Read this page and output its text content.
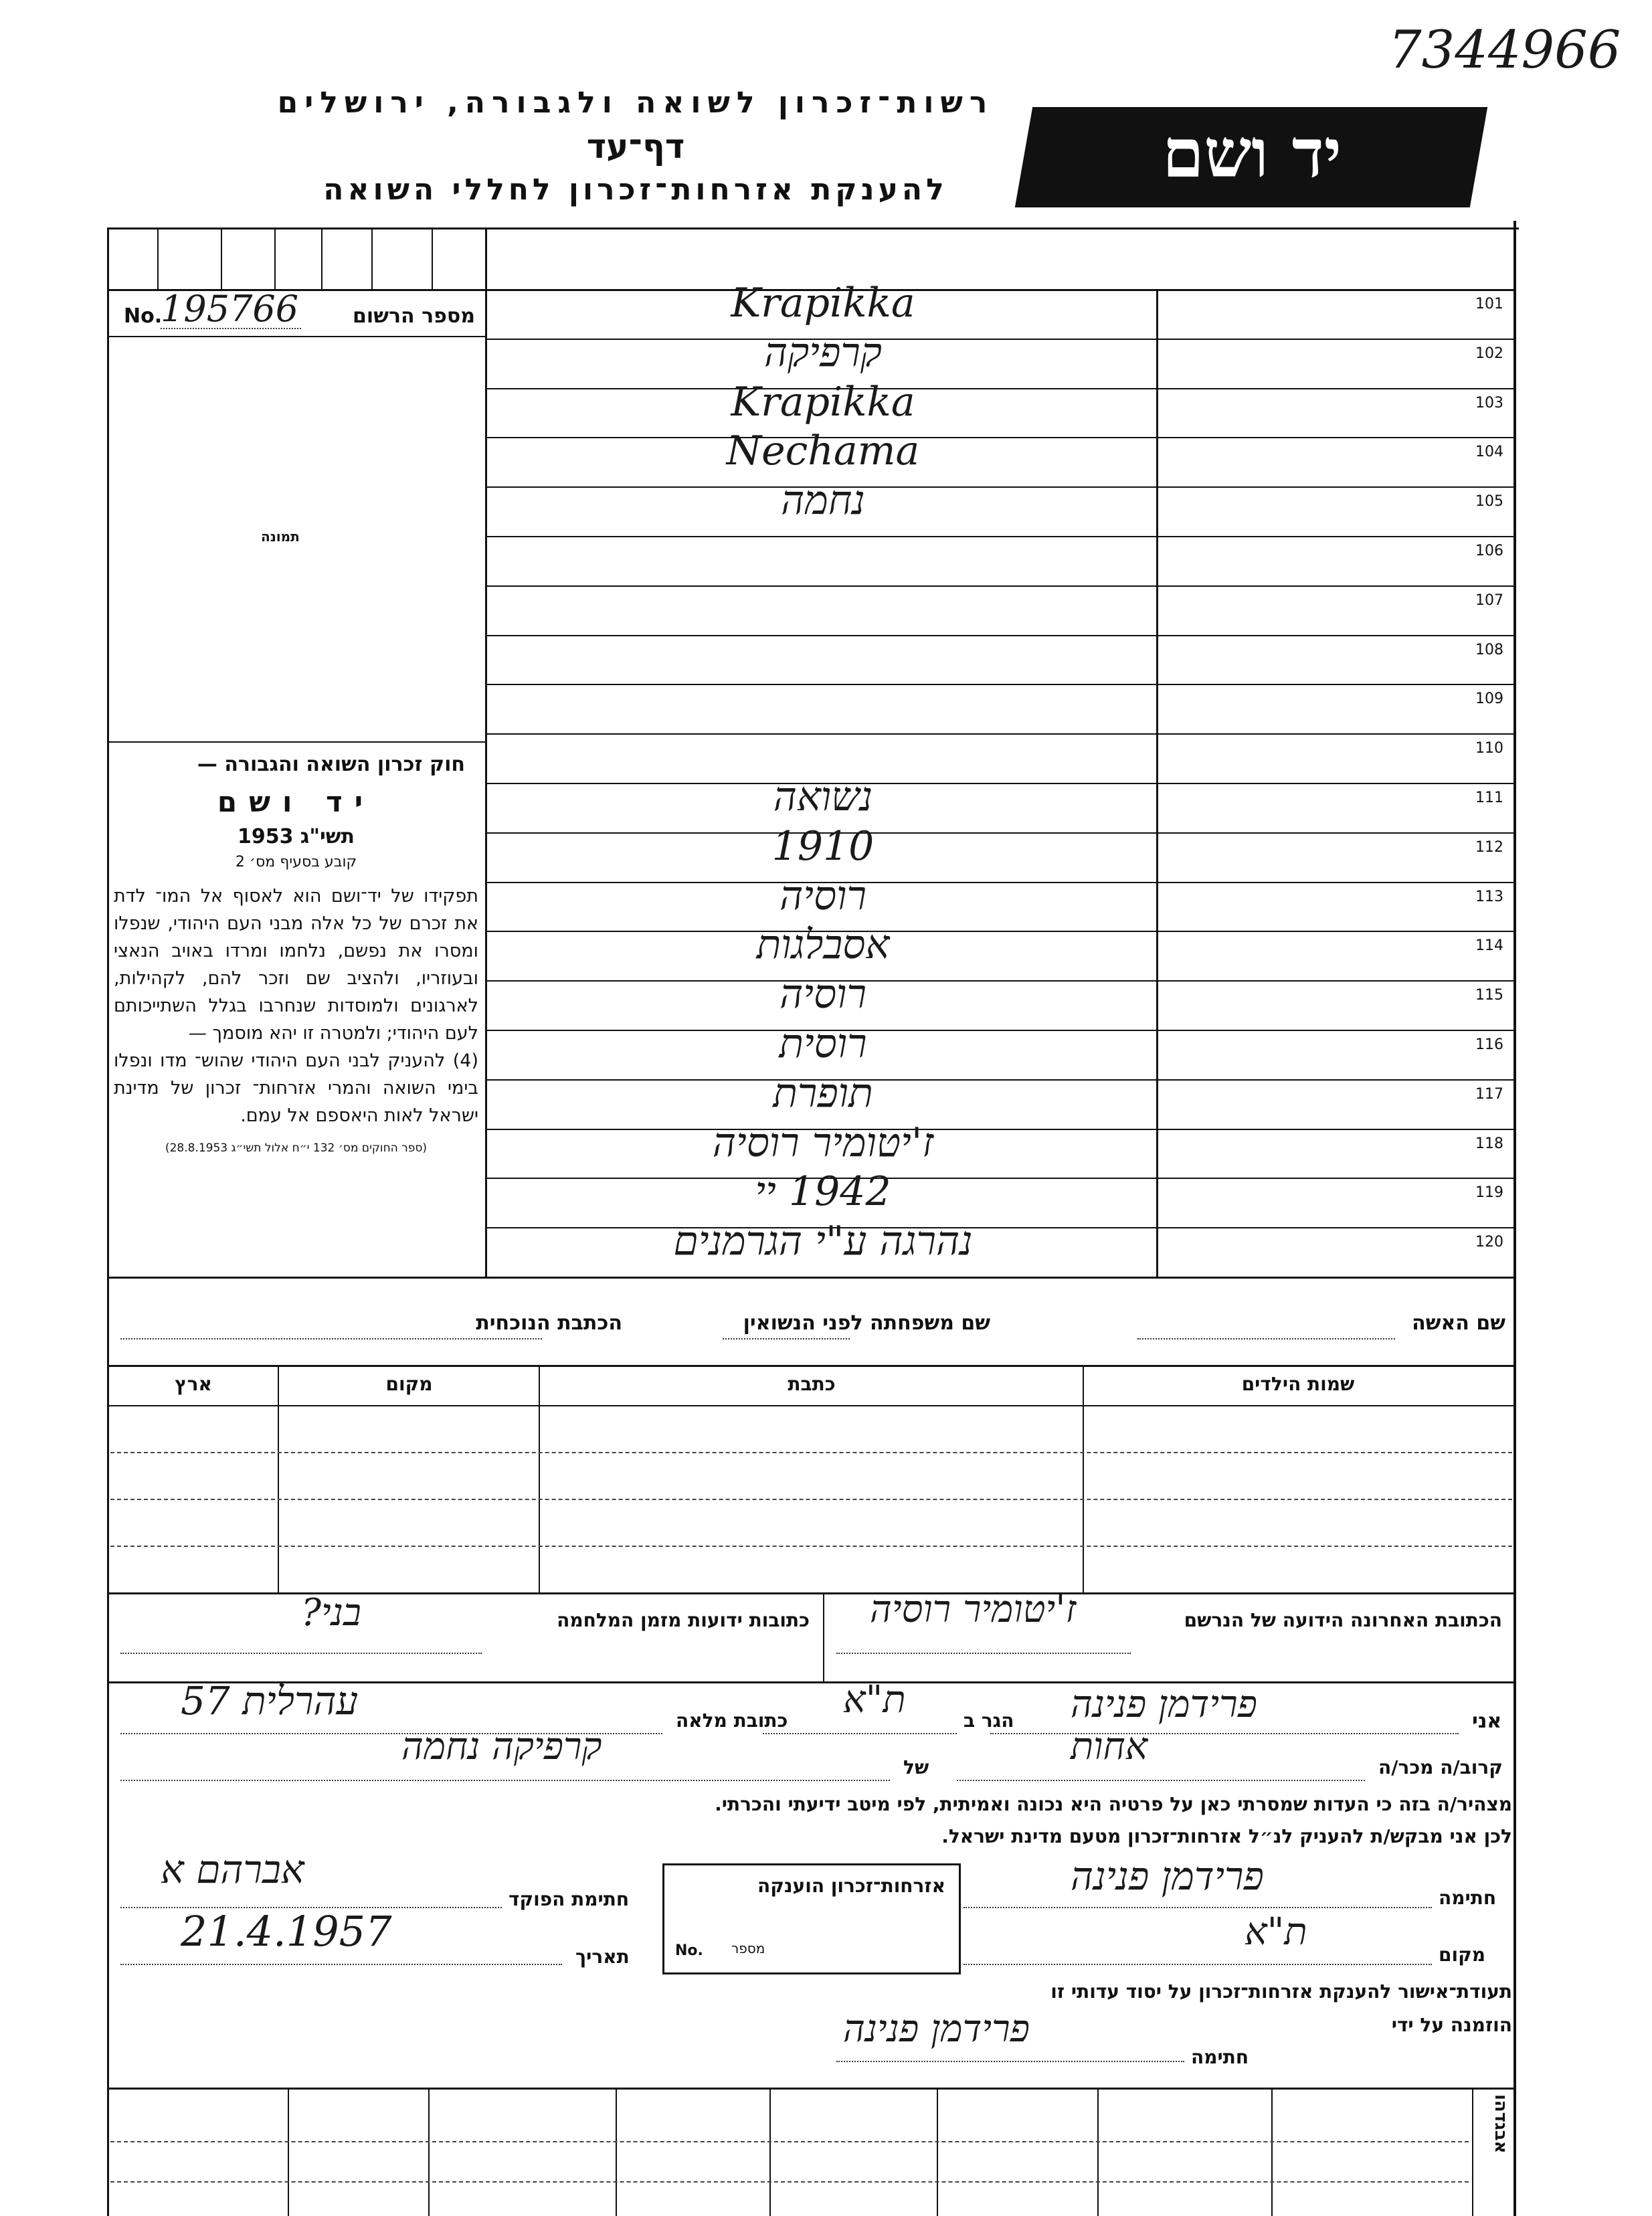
7344966
רשות־זכרון לשואה ולגבורה, ירושלים
דף־עד
להענקת אזרחות־זכרון לחללי השואה	יד ושם
No.
195766	מספר הרשום
תמונה
חוק זכרון השואה והגבורה —
יד ושם
תשי"ג 1953
קובע בסעיף מס׳ 2
תפקידו של יד־ושם הוא לאסוף אל המו־ לדת את זכרם של כל אלה מבני העם היהודי, שנפלו ומסרו את נפשם, נלחמו ומרדו באויב הנאצי ובעוזריו, ולהציב שם וזכר להם, לקהילות, לארגונים ולמוסדות שנחרבו בגלל השתייכותם לעם היהודי; ולמטרה זו יהא מוסמך —
(4) להעניק לבני העם היהודי שהוש־ מדו ונפלו בימי השואה והמרי אזרחות־ זכרון של מדינת ישראל לאות היאספם אל עמם.
(ספר החוקים מס׳ 132 י״ח אלול תשי״ג 28.8.1953)
101
Krapikka
102
קרפיקה
103
Krapikka
104
Nechama
105
נחמה
106
107
108
109
110
111
נשואה
112
1910
113
רוסיה
114
אסבלגות
115
רוסיה
116
רוסית
117
תופרת
118
ז'יטומיר רוסיה
119
1942 יי
120
נהרגה ע"י הגרמנים
שם האשה
שם משפחתה לפני הנשואין
הכתבת הנוכחית
שמות הילדים
כתבת
מקום
ארץ
הכתובת האחרונה הידועה של הנרשם
ז'יטומיר רוסיה
כתובות ידועות מזמן המלחמה
בני?
אני
פרידמן פנינה
הגר ב
ת"א
כתובת מלאה
עהרלית 57
קרוב/ה מכר/ה
אחות
של
קרפיקה נחמה
מצהיר/ה בזה כי העדות שמסרתי כאן על פרטיה היא נכונה ואמיתית, לפי מיטב ידיעתי והכרתי.
לכן אני מבקש/ת להעניק לנ״ל אזרחות־זכרון מטעם מדינת ישראל.
חתימה
פרידמן פנינה
מקום
ת"א
אזרחות־זכרון הוענקה
No. מספר
חתימת הפוקד
אברהם א
תאריך
21.4.1957
תעודת־אישור להענקת אזרחות־זכרון על יסוד עדותי זו
הוזמנה על ידי
חתימה
פרידמן פנינה
אבגדהו
